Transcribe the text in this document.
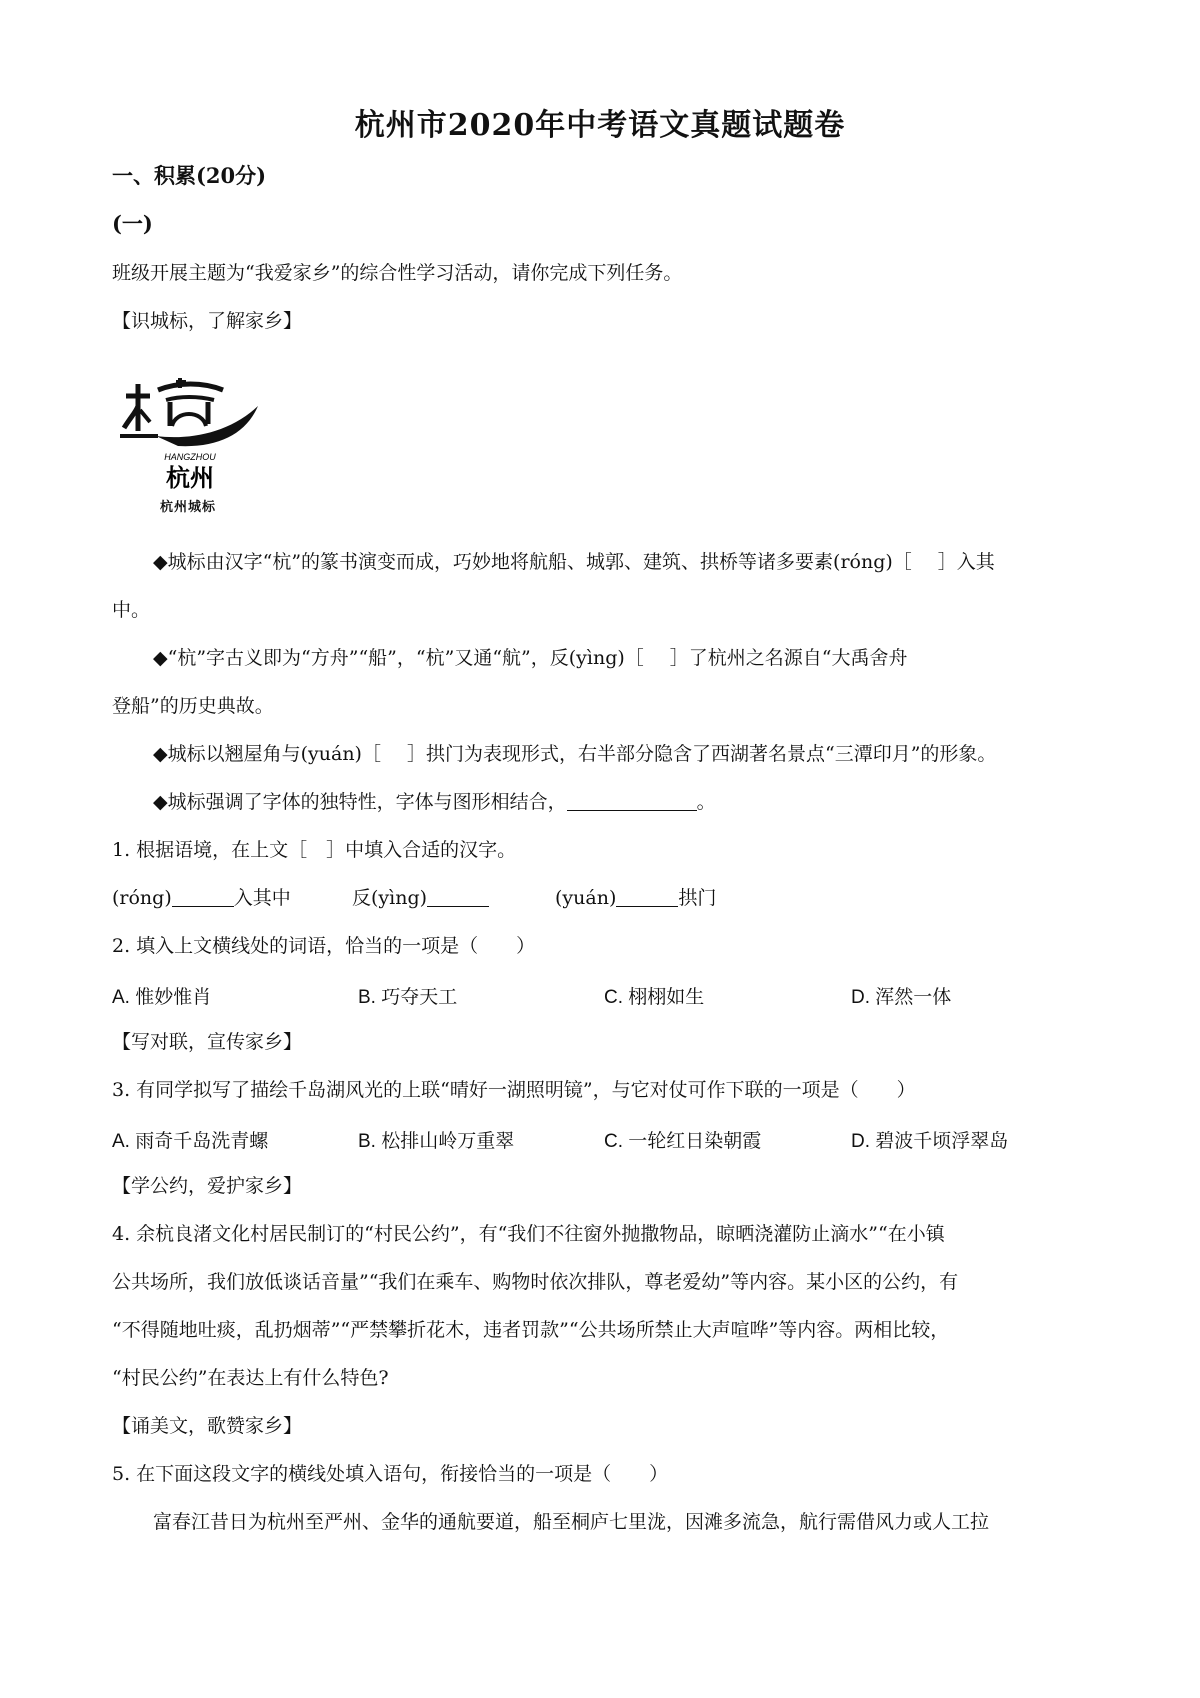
杭州市2020年中考语文真题试题卷
一、积累(20分)
(一)
班级开展主题为“我爱家乡”的综合性学习活动，请你完成下列任务。
【识城标，了解家乡】
HANGZHOU
杭州
杭州城标
◆城标由汉字“杭”的篆书演变而成，巧妙地将航船、城郭、建筑、拱桥等诸多要素(róng)［ ］入其
中。
◆“杭”字古义即为“方舟”“船”，“杭”又通“航”，反(yìng)［ ］了杭州之名源自“大禹舍舟
登船”的历史典故。
◆城标以翘屋角与(yuán)［ ］拱门为表现形式，右半部分隐含了西湖著名景点“三潭印月”的形象。
◆城标强调了字体的独特性，字体与图形相结合，	。
1. 根据语境，在上文［　］中填入合适的汉字。
(róng)	入其中	反(yìng)	(yuán)	拱门
2. 填入上文横线处的词语，恰当的一项是（　　）
A. 惟妙惟肖	B. 巧夺天工	C. 栩栩如生	D. 浑然一体
【写对联，宣传家乡】
3. 有同学拟写了描绘千岛湖风光的上联“晴好一湖照明镜”，与它对仗可作下联的一项是（　　）
A. 雨奇千岛洗青螺	B. 松排山岭万重翠	C. 一轮红日染朝霞	D. 碧波千顷浮翠岛
【学公约，爱护家乡】
4. 余杭良渚文化村居民制订的“村民公约”，有“我们不往窗外抛撒物品，晾晒浇灌防止滴水”“在小镇
公共场所，我们放低谈话音量”“我们在乘车、购物时依次排队，尊老爱幼”等内容。某小区的公约，有
“不得随地吐痰，乱扔烟蒂”“严禁攀折花木，违者罚款”“公共场所禁止大声喧哗”等内容。两相比较，
“村民公约”在表达上有什么特色?
【诵美文，歌赞家乡】
5. 在下面这段文字的横线处填入语句，衔接恰当的一项是（　　）
富春江昔日为杭州至严州、金华的通航要道，船至桐庐七里泷，因滩多流急，航行需借风力或人工拉
